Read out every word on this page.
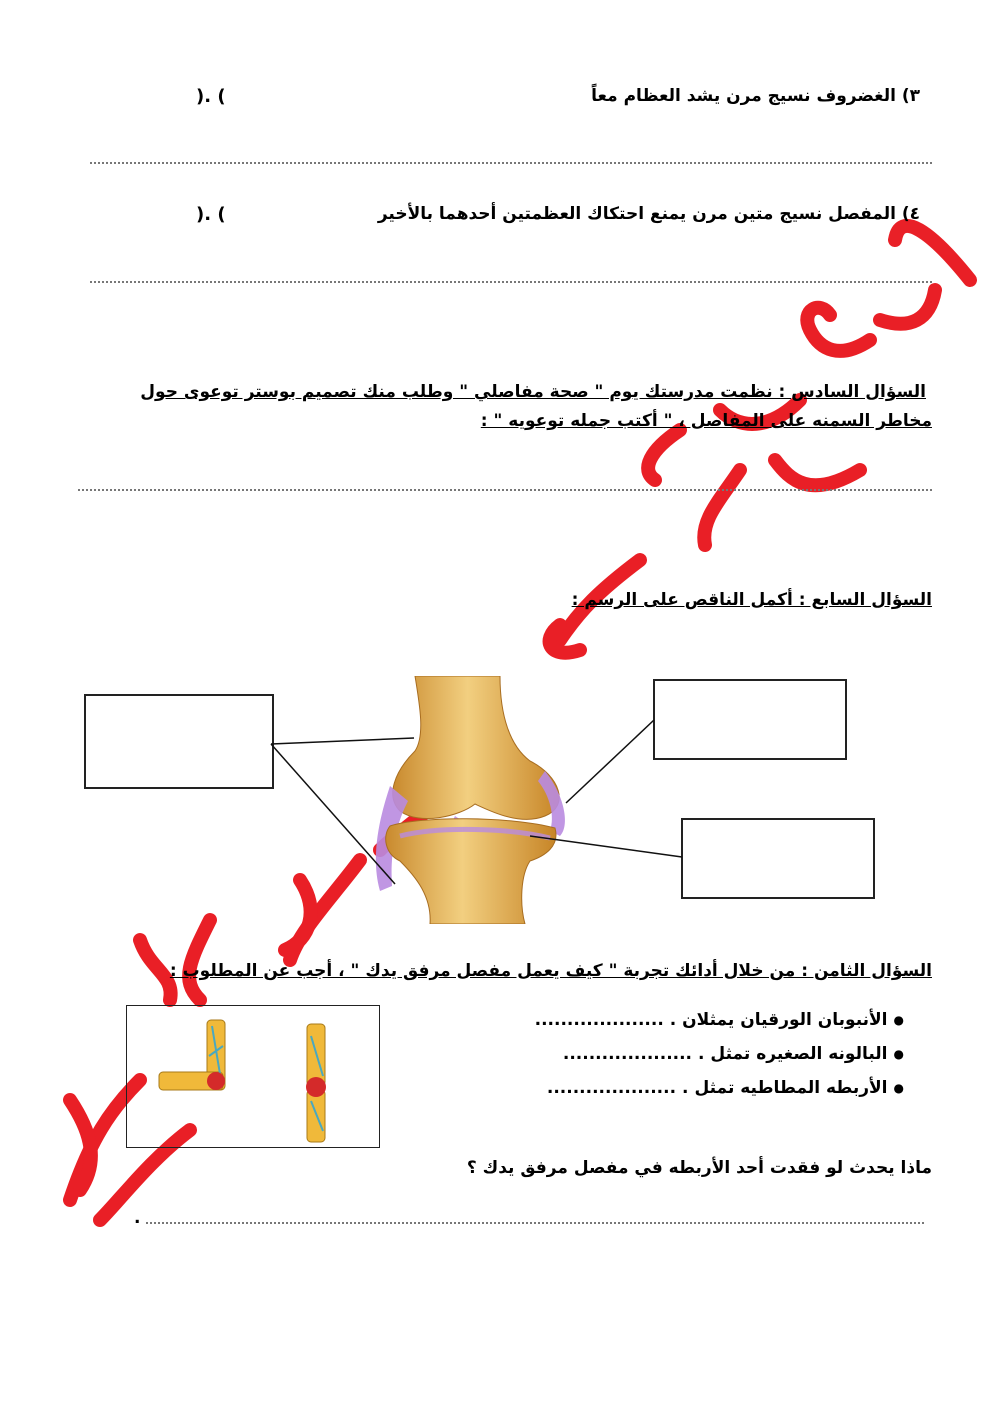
٣) الغضروف نسيج مرن يشد العظام معاً
). (
٤) المفصل نسيج متين مرن يمنع احتكاك العظمتين أحدهما بالأخير
). (
السؤال السادس : نظمت مدرستك يوم " صحة مفاصلي " وطلب منك تصميم بوستر توعوى حول
مخاطر السمنه على المفاصل ، " أكتب جمله توعويه " :
السؤال السابع : أكمل الناقص على الرسم :
السؤال الثامن : من خلال أدائك تجربة " كيف يعمل مفصل مرفق يدك " ، أجب عن المطلوب :
●
الأنبوبان الورقيان يمثلان
.................... .
●
البالونه الصغيره تمثل
.................... .
●
الأربطه المطاطيه تمثل
.................... .
ماذا يحدث لو فقدت أحد الأربطه في مفصل مرفق يدك ؟
.
